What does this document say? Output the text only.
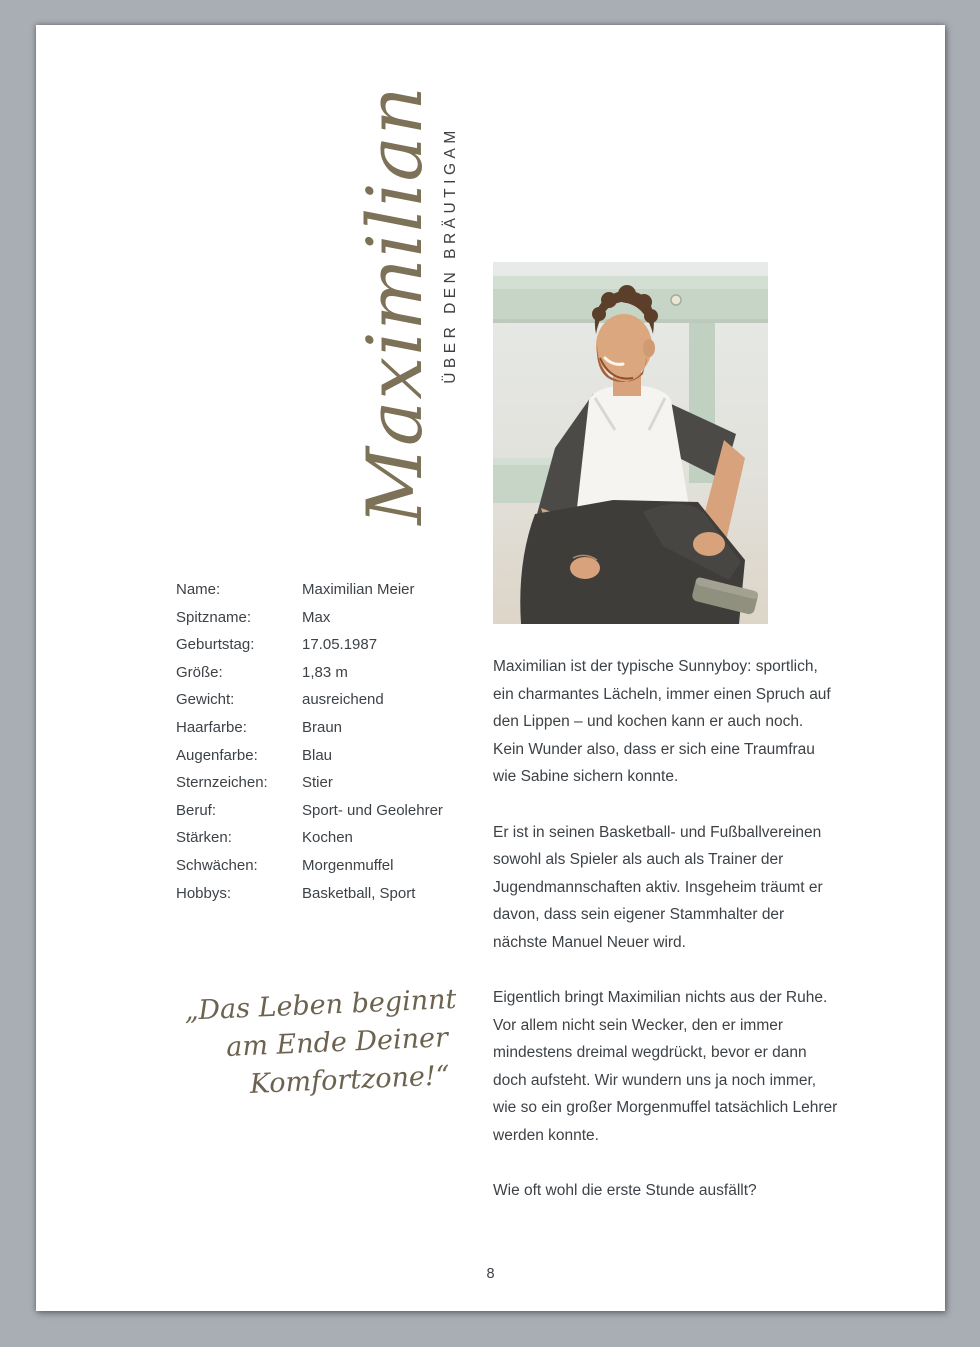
Maximilian ÜBER DEN BRÄUTIGAM
Name:	Maximilian Meier
Spitzname:	Max
Geburtstag:	17.05.1987
Größe:	1,83 m
Gewicht:	ausreichend
Haarfarbe:	Braun
Augenfarbe:	Blau
Sternzeichen:	Stier
Beruf:	Sport- und Geolehrer
Stärken:	Kochen
Schwächen:	Morgenmuffel
Hobbys:	Basketball, Sport
„Das Leben beginnt
am Ende Deiner
Komfortzone!“

Maximilian ist der typische Sunnyboy: sportlich, ein charmantes Lächeln, immer einen Spruch auf den Lippen – und kochen kann er auch noch. Kein Wunder also, dass er sich eine Traumfrau wie Sabine sichern konnte.

Er ist in seinen Basketball- und Fußballvereinen sowohl als Spieler als auch als Trainer der Jugendmannschaften aktiv. Insgeheim träumt er davon, dass sein eigener Stammhalter der nächste Manuel Neuer wird.

Eigentlich bringt Maximilian nichts aus der Ruhe. Vor allem nicht sein Wecker, den er immer mindestens dreimal wegdrückt, bevor er dann doch aufsteht. Wir wundern uns ja noch immer, wie so ein großer Morgenmuffel tatsächlich Lehrer werden konnte.

Wie oft wohl die erste Stunde ausfällt?

8
